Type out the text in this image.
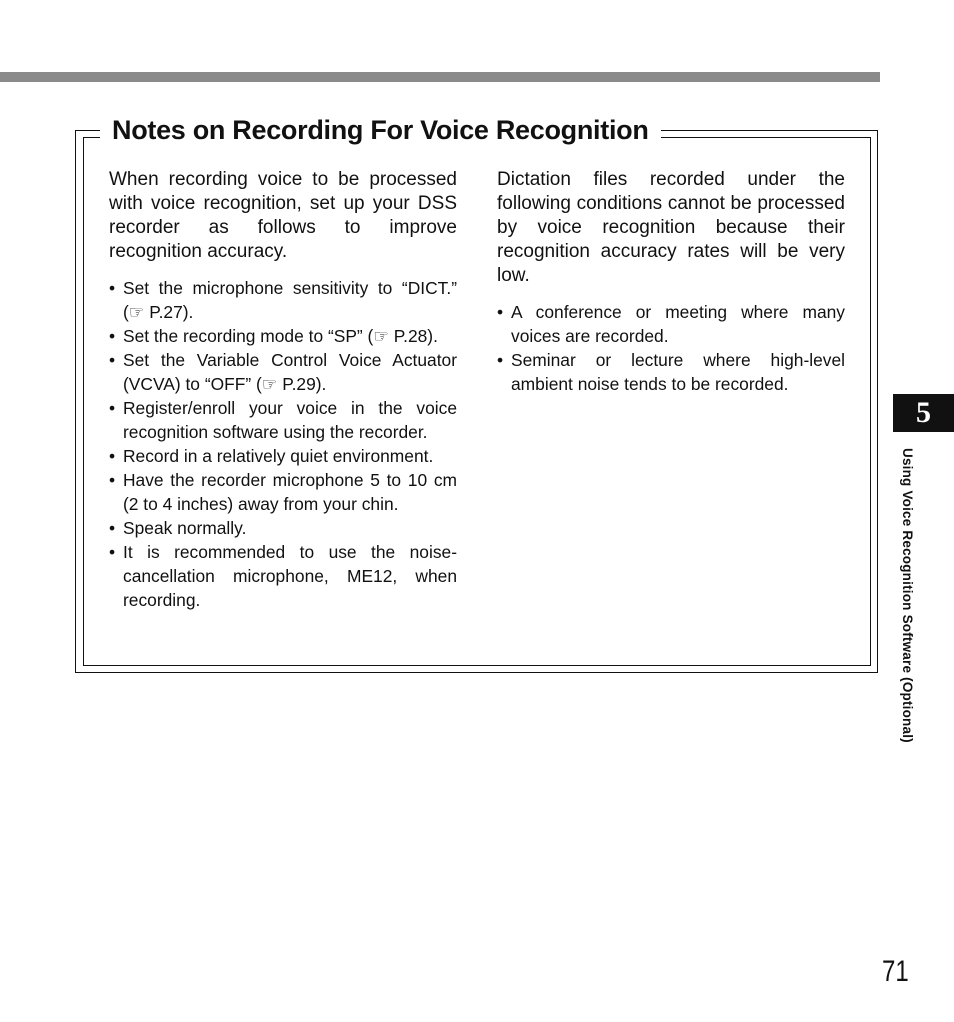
Notes on Recording For Voice Recognition

When recording voice to be processed with voice recognition, set up your DSS recorder as follows to improve recognition accuracy.

• Set the microphone sensitivity to “DICT.” (☞ P.27).
• Set the recording mode to “SP” (☞ P.28).
• Set the Variable Control Voice Actuator (VCVA) to “OFF” (☞ P.29).
• Register/enroll your voice in the voice recognition software using the recorder.
• Record in a relatively quiet environment.
• Have the recorder microphone 5 to 10 cm (2 to 4 inches) away from your chin.
• Speak normally.
• It is recommended to use the noise-cancellation microphone, ME12, when recording.

Dictation files recorded under the following conditions cannot be processed by voice recognition because their recognition accuracy rates will be very low.

• A conference or meeting where many voices are recorded.
• Seminar or lecture where high-level ambient noise tends to be recorded.
5
Using Voice Recognition Software (Optional)
71
